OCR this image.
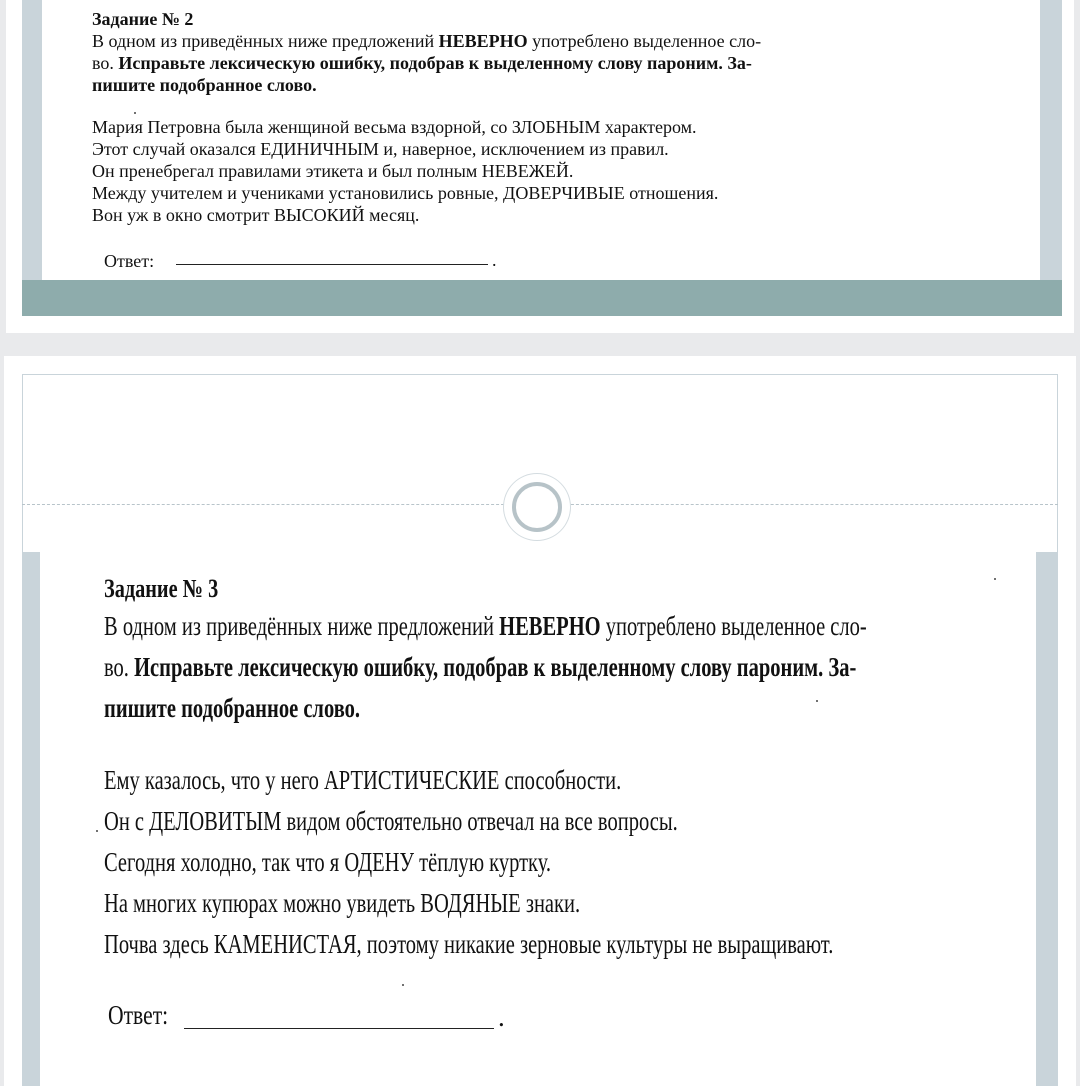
Задание № 2
В одном из приведённых ниже предложений НЕВЕРНО употреблено выделенное сло-
во. Исправьте лексическую ошибку, подобрав к выделенному слову пароним. За-
пишите подобранное слово.
Мария Петровна была женщиной весьма вздорной, со ЗЛОБНЫМ характером.
Этот случай оказался ЕДИНИЧНЫМ и, наверное, исключением из правил.
Он пренебрегал правилами этикета и был полным НЕВЕЖЕЙ.
Между учителем и учениками установились ровные, ДОВЕРЧИВЫЕ отношения.
Вон уж в окно смотрит ВЫСОКИЙ месяц.
Ответ:	.
Задание № 3
В одном из приведённых ниже предложений НЕВЕРНО употреблено выделенное сло-
во. Исправьте лексическую ошибку, подобрав к выделенному слову пароним. За-
пишите подобранное слово.
Ему казалось, что у него АРТИСТИЧЕСКИЕ способности.
Он с ДЕЛОВИТЫМ видом обстоятельно отвечал на все вопросы.
Сегодня холодно, так что я ОДЕНУ тёплую куртку.
На многих купюрах можно увидеть ВОДЯНЫЕ знаки.
Почва здесь КАМЕНИСТАЯ, поэтому никакие зерновые культуры не выращивают.
Ответ:	.
